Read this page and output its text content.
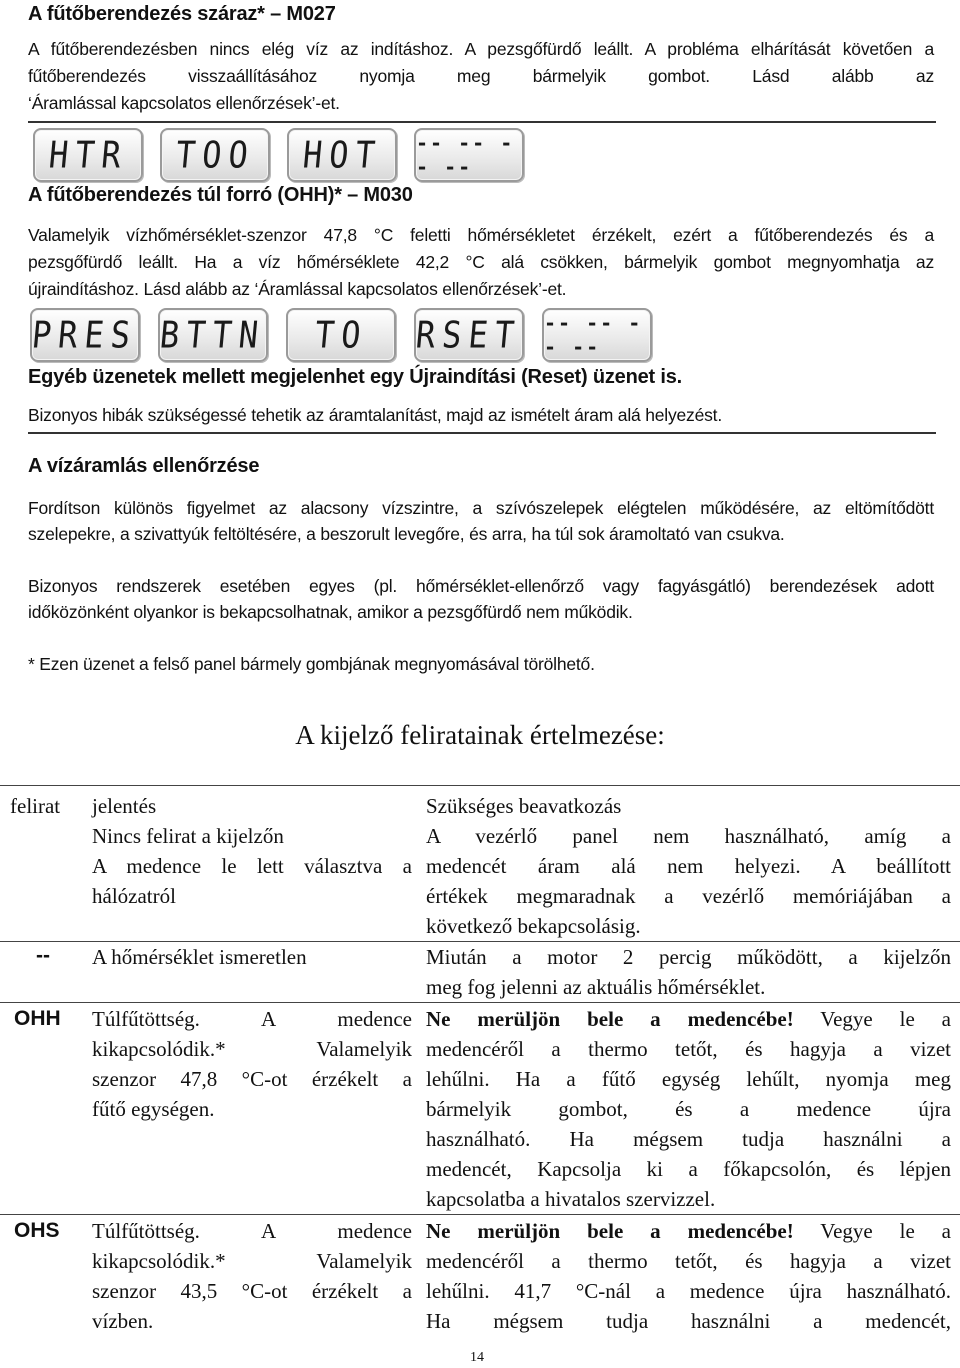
A fűtőberendezés száraz* – M027
A fűtőberendezésben nincs elég víz az indításhoz. A pezsgőfürdő leállt. A probléma elhárítását követően a
fűtőberendezés visszaállításához nyomja meg bármelyik gombot. Lásd alább az
‘Áramlással kapcsolatos ellenőrzések’-et.
HTR TOO HOT -- -- -- --
A fűtőberendezés túl forró (OHH)* – M030
Valamelyik vízhőmérséklet-szenzor 47,8 °C feletti hőmérsékletet érzékelt, ezért a fűtőberendezés és a
pezsgőfürdő leállt. Ha a víz hőmérséklete 42,2 °C alá csökken, bármelyik gombot megnyomhatja az
újraindításhoz. Lásd alább az ‘Áramlással kapcsolatos ellenőrzések’-et.
PRES BTTN TO RSET -- -- -- --
Egyéb üzenetek mellett megjelenhet egy Újraindítási (Reset) üzenet is.
Bizonyos hibák szükségessé tehetik az áramtalanítást, majd az ismételt áram alá helyezést.
A vízáramlás ellenőrzése
Fordítson különös figyelmet az alacsony vízszintre, a szívószelepek elégtelen működésére, az eltömítődött
szelepekre, a szivattyúk feltöltésére, a beszorult levegőre, és arra, ha túl sok áramoltató van csukva.
Bizonyos rendszerek esetében egyes (pl. hőmérséklet-ellenőrző vagy fagyásgátló) berendezések adott
időközönként olyankor is bekapcsolhatnak, amikor a pezsgőfürdő nem működik.
* Ezen üzenet a felső panel bármely gombjának megnyomásával törölhető.
A kijelző feliratainak értelmezése:
felirat jelentés	Szükséges beavatkozás
Nincs felirat a kijelzőn
A medence le lett választva a
hálózatról
A vezérlő panel nem használható, amíg a
medencét áram alá nem helyezi. A beállított
értékek megmaradnak a vezérlő memóriájában a
következő bekapcsolásig.
-- A hőmérséklet ismeretlen	Miután a motor 2 percig működött, a kijelzőn
meg fog jelenni az aktuális hőmérséklet.
OHH Túlfűtöttség. A medence
kikapcsolódik.* Valamelyik
szenzor 47,8 °C-ot érzékelt a
fűtő egységen.
Ne merüljön bele a medencébe! Vegye le a
medencéről a thermo tetőt, és hagyja a vizet
lehűlni. Ha a fűtő egység lehűlt, nyomja meg
bármelyik gombot, és a medence újra
használható. Ha mégsem tudja használni a
medencét, Kapcsolja ki a főkapcsolón, és lépjen
kapcsolatba a hivatalos szervizzel.
OHS Túlfűtöttség. A medence
kikapcsolódik.* Valamelyik
szenzor 43,5 °C-ot érzékelt a
vízben.
Ne merüljön bele a medencébe! Vegye le a
medencéről a thermo tetőt, és hagyja a vizet
lehűlni. 41,7 °C-nál a medence újra használható.
Ha mégsem tudja használni a medencét,
14
